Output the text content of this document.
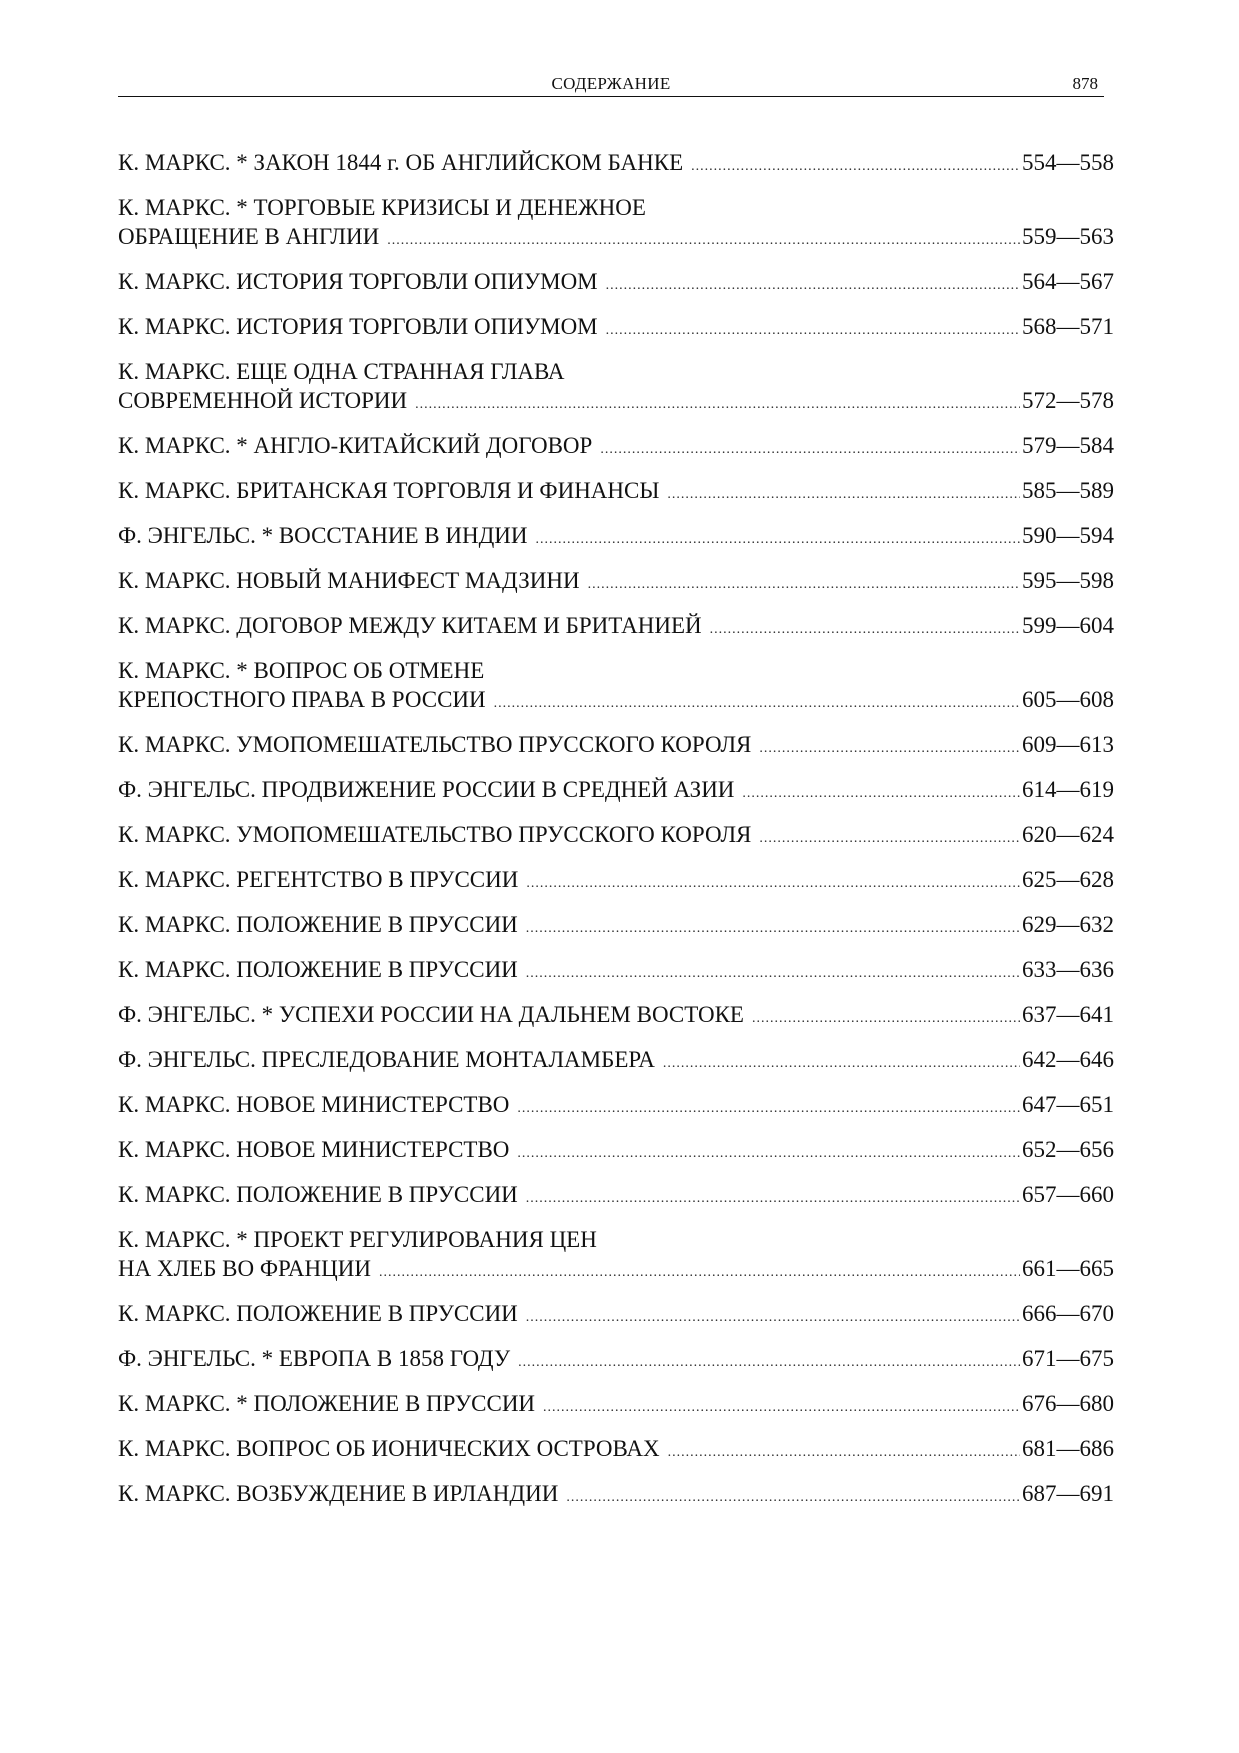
СОДЕРЖАНИЕ	878
К. МАРКС. * ЗАКОН 1844 г. ОБ АНГЛИЙСКОМ БАНКЕ .....	554—558
К. МАРКС. * ТОРГОВЫЕ КРИЗИСЫ И ДЕНЕЖНОЕ
ОБРАЩЕНИЕ В АНГЛИИ .....	559—563
К. МАРКС. ИСТОРИЯ ТОРГОВЛИ ОПИУМОМ .....	564—567
К. МАРКС. ИСТОРИЯ ТОРГОВЛИ ОПИУМОМ .....	568—571
К. МАРКС. ЕЩЕ ОДНА СТРАННАЯ ГЛАВА
СОВРЕМЕННОЙ ИСТОРИИ .....	572—578
К. МАРКС. * АНГЛО-КИТАЙСКИЙ ДОГОВОР .....	579—584
К. МАРКС. БРИТАНСКАЯ ТОРГОВЛЯ И ФИНАНСЫ .....	585—589
Ф. ЭНГЕЛЬС. * ВОССТАНИЕ В ИНДИИ .....	590—594
К. МАРКС. НОВЫЙ МАНИФЕСТ МАДЗИНИ .....	595—598
К. МАРКС. ДОГОВОР МЕЖДУ КИТАЕМ И БРИТАНИЕЙ .....	599—604
К. МАРКС. * ВОПРОС ОБ ОТМЕНЕ
КРЕПОСТНОГО ПРАВА В РОССИИ .....	605—608
К. МАРКС. УМОПОМЕШАТЕЛЬСТВО ПРУССКОГО КОРОЛЯ .....	609—613
Ф. ЭНГЕЛЬС. ПРОДВИЖЕНИЕ РОССИИ В СРЕДНЕЙ АЗИИ .....	614—619
К. МАРКС. УМОПОМЕШАТЕЛЬСТВО ПРУССКОГО КОРОЛЯ .....	620—624
К. МАРКС. РЕГЕНТСТВО В ПРУССИИ .....	625—628
К. МАРКС. ПОЛОЖЕНИЕ В ПРУССИИ .....	629—632
К. МАРКС. ПОЛОЖЕНИЕ В ПРУССИИ .....	633—636
Ф. ЭНГЕЛЬС. * УСПЕХИ РОССИИ НА ДАЛЬНЕМ ВОСТОКЕ .....	637—641
Ф. ЭНГЕЛЬС. ПРЕСЛЕДОВАНИЕ МОНТАЛАМБЕРА .....	642—646
К. МАРКС. НОВОЕ МИНИСТЕРСТВО .....	647—651
К. МАРКС. НОВОЕ МИНИСТЕРСТВО .....	652—656
К. МАРКС. ПОЛОЖЕНИЕ В ПРУССИИ .....	657—660
К. МАРКС. * ПРОЕКТ РЕГУЛИРОВАНИЯ ЦЕН
НА ХЛЕБ ВО ФРАНЦИИ .....	661—665
К. МАРКС. ПОЛОЖЕНИЕ В ПРУССИИ .....	666—670
Ф. ЭНГЕЛЬС. * ЕВРОПА В 1858 ГОДУ .....	671—675
К. МАРКС. * ПОЛОЖЕНИЕ В ПРУССИИ .....	676—680
К. МАРКС. ВОПРОС ОБ ИОНИЧЕСКИХ ОСТРОВАХ .....	681—686
К. МАРКС. ВОЗБУЖДЕНИЕ В ИРЛАНДИИ .....	687—691
